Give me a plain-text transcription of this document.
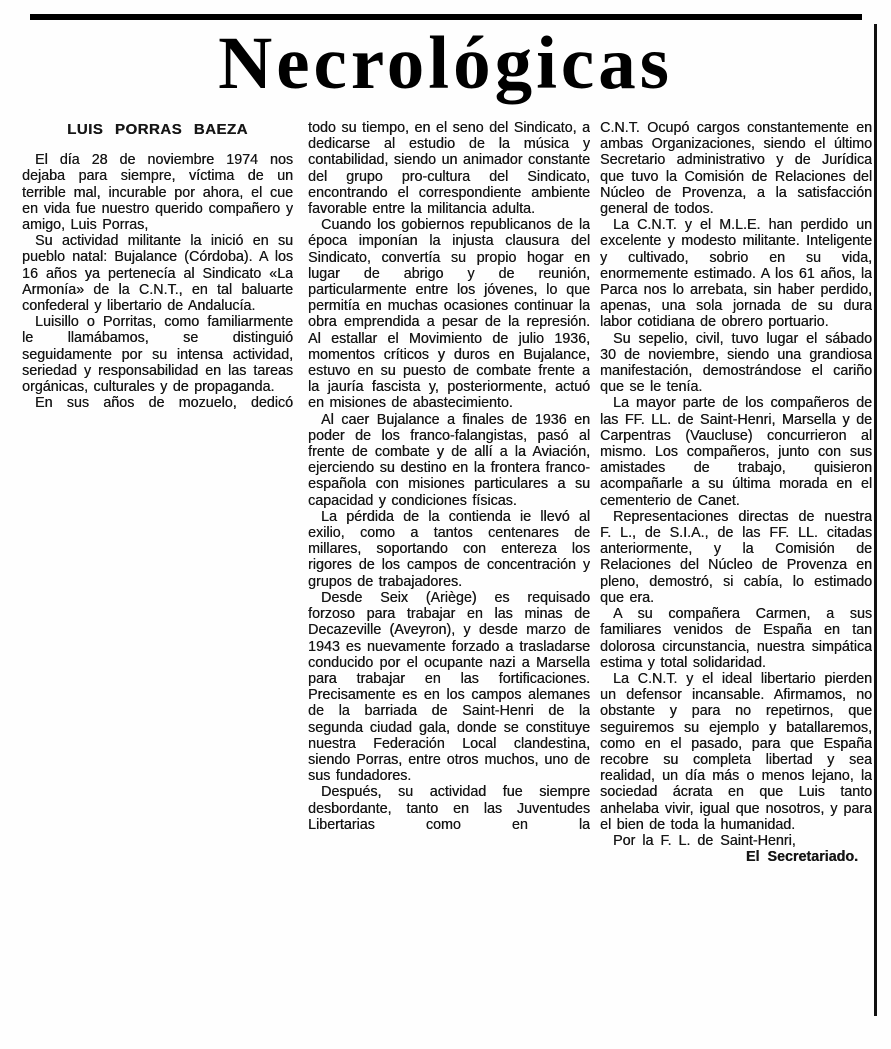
Necrológicas
LUIS PORRAS BAEZA

El día 28 de noviembre 1974 nos dejaba para siempre, víctima de un terrible mal, incurable por ahora, el cue en vida fue nuestro querido compañero y amigo, Luis Porras,

Su actividad militante la inició en su pueblo natal: Bujalance (Córdoba). A los 16 años ya pertenecía al Sindicato «La Armonía» de la C.N.T., en tal baluarte confederal y libertario de Andalucía.

Luisillo o Porritas, como familiarmente le llamábamos, se distinguió seguidamente por su intensa actividad, seriedad y responsabilidad en las tareas orgánicas, culturales y de propaganda.

En sus años de mozuelo, dedicó

todo su tiempo, en el seno del Sindicato, a dedicarse al estudio de la música y contabilidad, siendo un animador constante del grupo pro-cultura del Sindicato, encontrando el correspondiente ambiente favorable entre la militancia adulta.

Cuando los gobiernos republicanos de la época imponían la injusta clausura del Sindicato, convertía su propio hogar en lugar de abrigo y de reunión, particularmente entre los jóvenes, lo que permitía en muchas ocasiones continuar la obra emprendida a pesar de la represión. Al estallar el Movimiento de julio 1936, momentos críticos y duros en Bujalance, estuvo en su puesto de combate frente a la jauría fascista y, posteriormente, actuó en misiones de abastecimiento.

Al caer Bujalance a finales de 1936 en poder de los franco-falangistas, pasó al frente de combate y de allí a la Aviación, ejerciendo su destino en la frontera franco-española con misiones particulares a su capacidad y condiciones físicas.

La pérdida de la contienda ie llevó al exilio, como a tantos centenares de millares, soportando con entereza los rigores de los campos de concentración y grupos de trabajadores.

Desde Seix (Ariège) es requisado forzoso para trabajar en las minas de Decazeville (Aveyron), y desde marzo de 1943 es nuevamente forzado a trasladarse conducido por el ocupante nazi a Marsella para trabajar en las fortificaciones. Precisamente es en los campos alemanes de la barriada de Saint-Henri de la segunda ciudad gala, donde se constituye nuestra Federación Local clandestina, siendo Porras, entre otros muchos, uno de sus fundadores.

Después, su actividad fue siempre desbordante, tanto en las Juventudes Libertarias como en la

C.N.T. Ocupó cargos constantemente en ambas Organizaciones, siendo el último Secretario administrativo y de Jurídica que tuvo la Comisión de Relaciones del Núcleo de Provenza, a la satisfacción general de todos.

La C.N.T. y el M.L.E. han perdido un excelente y modesto militante. Inteligente y cultivado, sobrio en su vida, enormemente estimado. A los 61 años, la Parca nos lo arrebata, sin haber perdido, apenas, una sola jornada de su dura labor cotidiana de obrero portuario.

Su sepelio, civil, tuvo lugar el sábado 30 de noviembre, siendo una grandiosa manifestación, demostrándose el cariño que se le tenía.

La mayor parte de los compañeros de las FF. LL. de Saint-Henri, Marsella y de Carpentras (Vaucluse) concurrieron al mismo. Los compañeros, junto con sus amistades de trabajo, quisieron acompañarle a su última morada en el cementerio de Canet.

Representaciones directas de nuestra F. L., de S.I.A., de las FF. LL. citadas anteriormente, y la Comisión de Relaciones del Núcleo de Provenza en pleno, demostró, si cabía, lo estimado que era.

A su compañera Carmen, a sus familiares venidos de España en tan dolorosa circunstancia, nuestra simpática estima y total solidaridad.

La C.N.T. y el ideal libertario pierden un defensor incansable. Afirmamos, no obstante y para no repetirnos, que seguiremos su ejemplo y batallaremos, como en el pasado, para que España recobre su completa libertad y sea realidad, un día más o menos lejano, la sociedad ácrata en que Luis tanto anhelaba vivir, igual que nosotros, y para el bien de toda la humanidad.

Por la F. L. de Saint-Henri,

El Secretariado.
